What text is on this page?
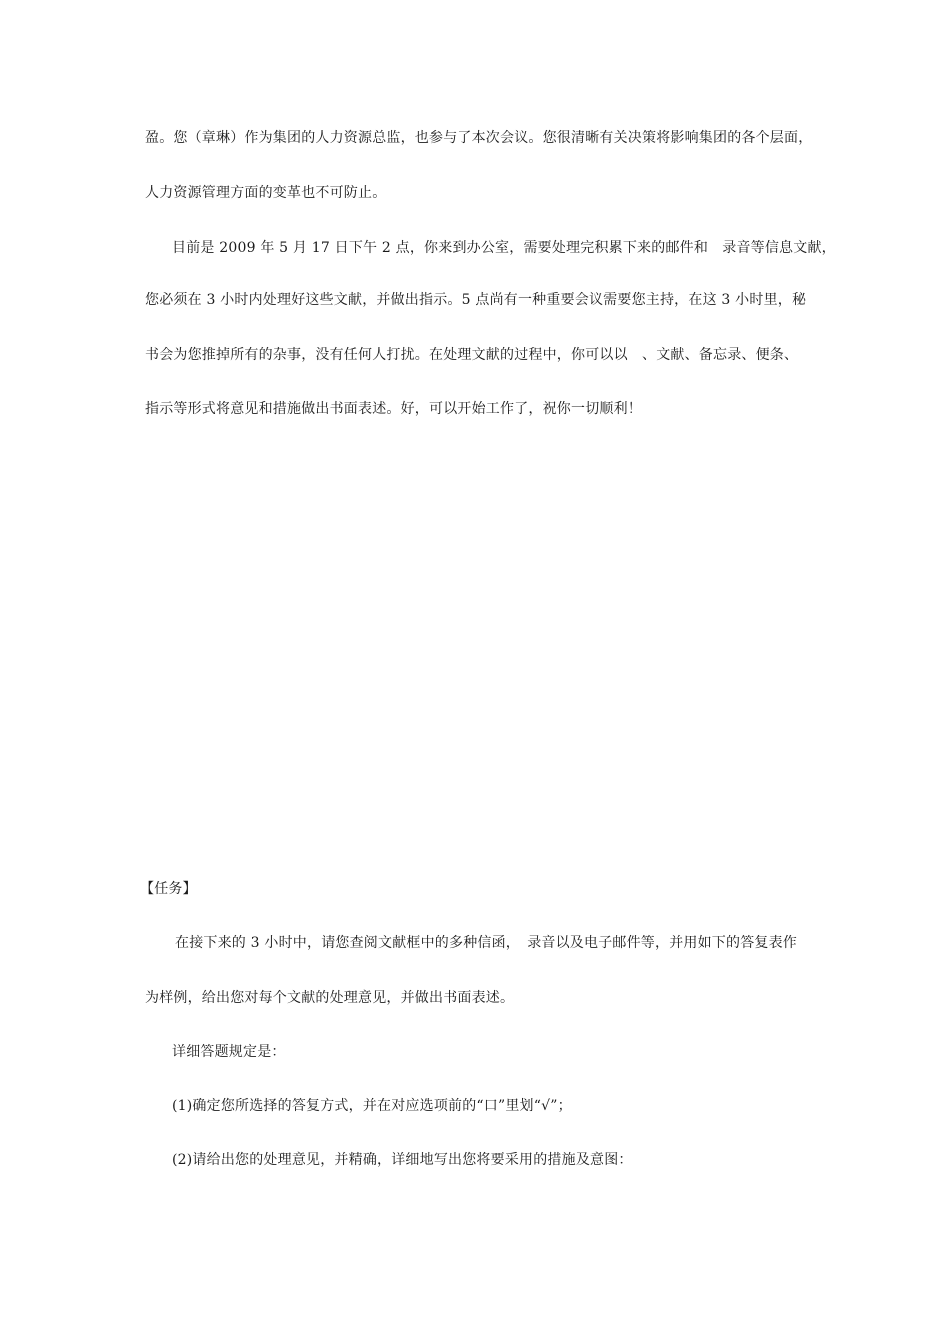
盈。您（章琳）作为集团的人力资源总监，也参与了本次会议。您很清晰有关决策将影响集团的各个层面，
人力资源管理方面的变革也不可防止。
目前是 2009 年 5 月 17 日下午 2 点，你来到办公室，需要处理完积累下来的邮件和　录音等信息文献，
您必须在 3 小时内处理好这些文献，并做出指示。5 点尚有一种重要会议需要您主持，在这 3 小时里，秘
书会为您推掉所有的杂事，没有任何人打扰。在处理文献的过程中，你可以以　、文献、备忘录、便条、
指示等形式将意见和措施做出书面表述。好，可以开始工作了，祝你一切顺利！
【任务】
在接下来的 3 小时中，请您查阅文献框中的多种信函，　录音以及电子邮件等，并用如下的答复表作
为样例，给出您对每个文献的处理意见，并做出书面表述。
详细答题规定是：
(1)确定您所选择的答复方式，并在对应选项前的“口”里划“√”；
(2)请给出您的处理意见，并精确，详细地写出您将要采用的措施及意图：
